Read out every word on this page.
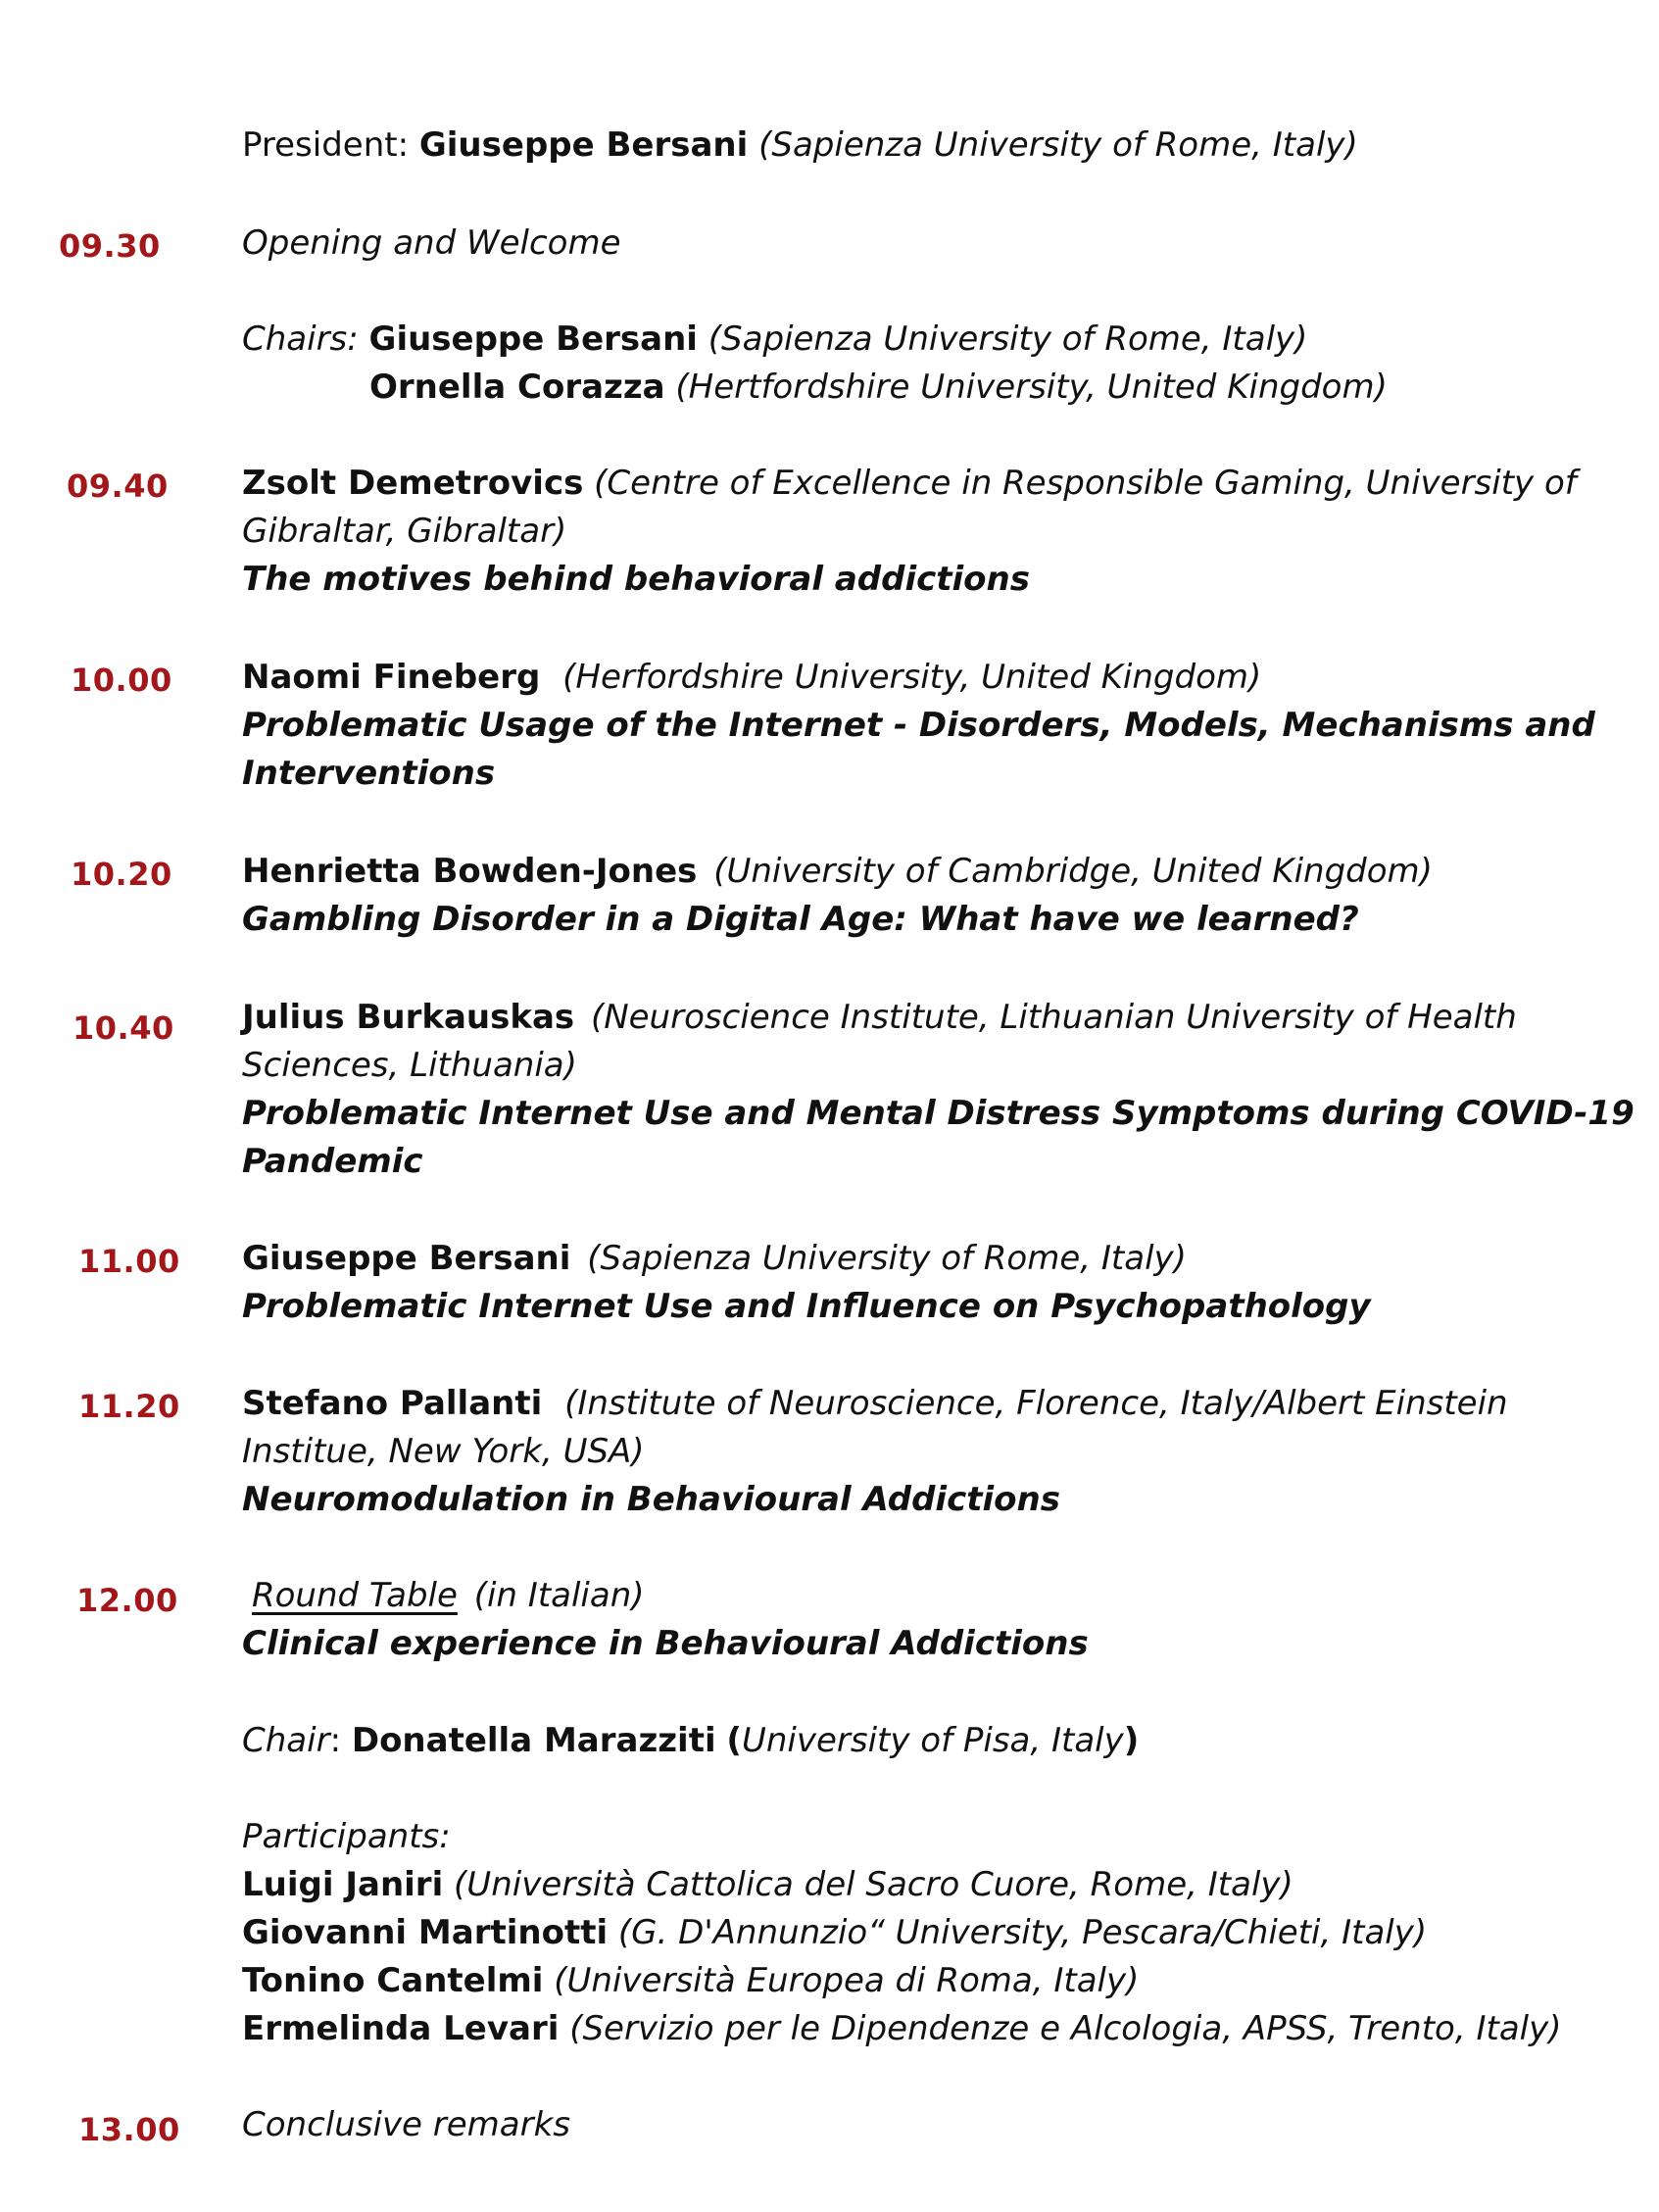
President: Giuseppe Bersani (Sapienza University of Rome, Italy)
09.30 Opening and Welcome
Chairs: Giuseppe Bersani (Sapienza University of Rome, Italy)
Ornella Corazza (Hertfordshire University, United Kingdom)
09.40 Zsolt Demetrovics (Centre of Excellence in Responsible Gaming, University of
Gibraltar, Gibraltar)
The motives behind behavioral addictions
10.00 Naomi Fineberg (Herfordshire University, United Kingdom)
Problematic Usage of the Internet - Disorders, Models, Mechanisms and
Interventions
10.20 Henrietta Bowden-Jones (University of Cambridge, United Kingdom)
Gambling Disorder in a Digital Age: What have we learned?
10.40 Julius Burkauskas (Neuroscience Institute, Lithuanian University of Health
Sciences, Lithuania)
Problematic Internet Use and Mental Distress Symptoms during COVID-19
Pandemic
11.00 Giuseppe Bersani (Sapienza University of Rome, Italy)
Problematic Internet Use and Influence on Psychopathology
11.20 Stefano Pallanti (Institute of Neuroscience, Florence, Italy/Albert Einstein
Institue, New York, USA)
Neuromodulation in Behavioural Addictions
12.00 Round Table (in Italian)
Clinical experience in Behavioural Addictions
Chair: Donatella Marazziti (University of Pisa, Italy)
Participants:
Luigi Janiri (Università Cattolica del Sacro Cuore, Rome, Italy)
Giovanni Martinotti (G. D'Annunzio“ University, Pescara/Chieti, Italy)
Tonino Cantelmi (Università Europea di Roma, Italy)
Ermelinda Levari (Servizio per le Dipendenze e Alcologia, APSS, Trento, Italy)
13.00 Conclusive remarks
